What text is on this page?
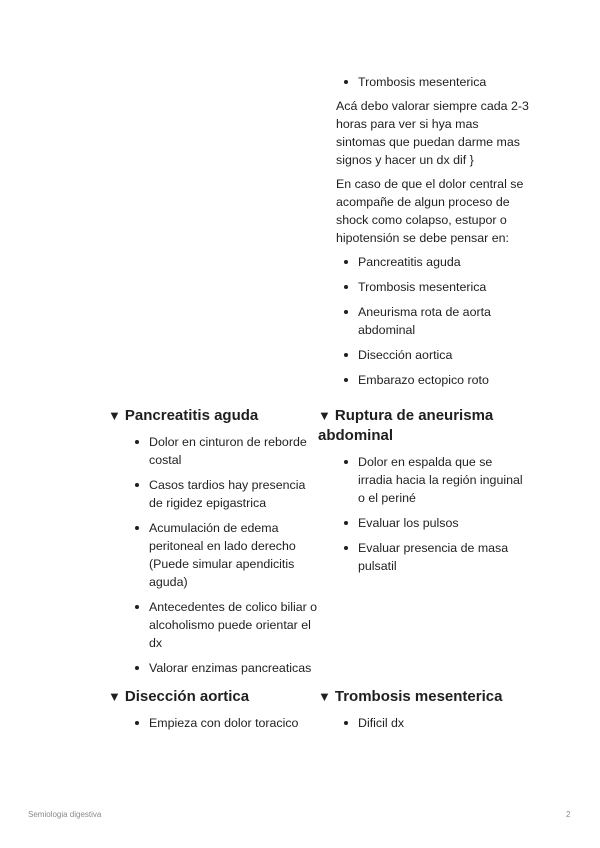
Trombosis mesenterica

Acá debo valorar siempre cada 2-3 horas para ver si hya mas sintomas que puedan darme mas signos y hacer un dx dif }

En caso de que el dolor central se acompañe de algun proceso de shock como colapso, estupor o hipotensión se debe pensar en:

Pancreatitis aguda
Trombosis mesenterica
Aneurisma rota de aorta abdominal
Disección aortica
Embarazo ectopico roto
▼ Pancreatitis aguda
Dolor en cinturon de reborde costal
Casos tardios hay presencia de rigidez epigastrica
Acumulación de edema peritoneal en lado derecho (Puede simular apendicitis aguda)
Antecedentes de colico biliar o alcoholismo puede orientar el dx
Valorar enzimas pancreaticas
▼ Ruptura de aneurisma abdominal
Dolor en espalda que se irradia hacia la región inguinal o el periné
Evaluar los pulsos
Evaluar presencia de masa pulsatil
▼ Disección aortica
Empieza con dolor toracico
▼ Trombosis mesenterica
Dificil dx
Semiologia digestiva	2
